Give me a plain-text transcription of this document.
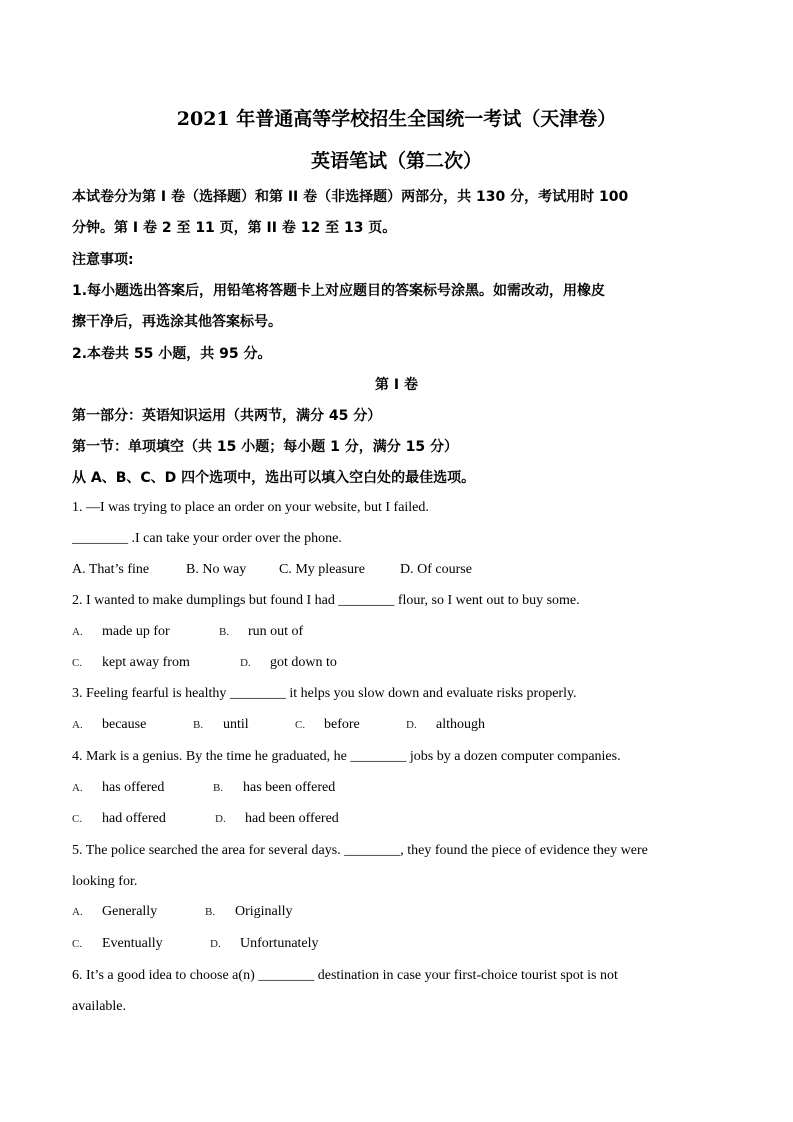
2021 年普通高等学校招生全国统一考试（天津卷）
英语笔试（第二次）
本试卷分为第 I 卷（选择题）和第 II 卷（非选择题）两部分，共 130 分，考试用时 100
分钟。第 I 卷 2 至 11 页，第 II 卷 12 至 13 页。
注意事项:
1.每小题选出答案后，用铅笔将答题卡上对应题目的答案标号涂黑。如需改动，用橡皮
擦干净后，再选涂其他答案标号。
2.本卷共 55 小题，共 95 分。
第 I 卷
第一部分：英语知识运用（共两节，满分 45 分）
第一节：单项填空（共 15 小题；每小题 1 分，满分 15 分）
从 A、B、C、D 四个选项中，选出可以填入空白处的最佳选项。
1. —I was trying to place an order on your website, but I failed.
________ .I can take your order over the phone.
A. That’s fine	B. No way C. My pleasure	D. Of course
2. I wanted to make dumplings but found I had ________ flour, so I went out to buy some.
A. made up for	B. run out of
C. kept away from	D. got down to
3. Feeling fearful is healthy ________ it helps you slow down and evaluate risks properly.
A. because	B. until	C. before	D. although
4. Mark is a genius. By the time he graduated, he ________ jobs by a dozen computer companies.
A. has offered	B. has been offered
C. had offered	D. had been offered
5. The police searched the area for several days. ________, they found the piece of evidence they were
looking for.
A. Generally	B. Originally
C. Eventually	D. Unfortunately
6. It’s a good idea to choose a(n) ________ destination in case your first-choice tourist spot is not
available.
